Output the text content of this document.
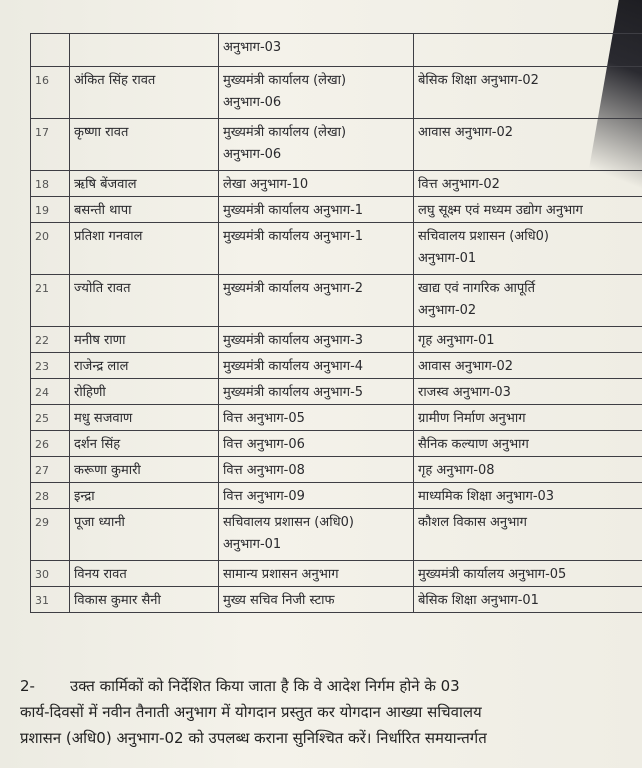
		अनुभाग-03	

16	अंकित सिंह रावत	मुख्यमंत्री कार्यालय (लेखा)
अनुभाग-06	बेसिक शिक्षा अनुभाग-02

17	कृष्णा रावत	मुख्यमंत्री कार्यालय (लेखा)
अनुभाग-06	आवास अनुभाग-02

18	ऋषि बेंजवाल	लेखा अनुभाग-10	वित्त अनुभाग-02

19	बसन्ती थापा	मुख्यमंत्री कार्यालय अनुभाग-1	लघु सूक्ष्म एवं मध्यम उद्योग अनुभाग

20	प्रतिशा गनवाल	मुख्यमंत्री कार्यालय अनुभाग-1	सचिवालय प्रशासन (अधि0)
अनुभाग-01

21	ज्योति रावत	मुख्यमंत्री कार्यालय अनुभाग-2	खाद्य एवं नागरिक आपूर्ति
अनुभाग-02

22	मनीष राणा	मुख्यमंत्री कार्यालय अनुभाग-3	गृह अनुभाग-01

23	राजेन्द्र लाल	मुख्यमंत्री कार्यालय अनुभाग-4	आवास अनुभाग-02

24	रोहिणी	मुख्यमंत्री कार्यालय अनुभाग-5	राजस्व अनुभाग-03

25	मधु सजवाण	वित्त अनुभाग-05	ग्रामीण निर्माण अनुभाग

26	दर्शन सिंह	वित्त अनुभाग-06	सैनिक कल्याण अनुभाग

27	करूणा कुमारी	वित्त अनुभाग-08	गृह अनुभाग-08

28	इन्द्रा	वित्त अनुभाग-09	माध्यमिक शिक्षा अनुभाग-03

29	पूजा ध्यानी	सचिवालय प्रशासन (अधि0)
अनुभाग-01	कौशल विकास अनुभाग

30	विनय रावत	सामान्य प्रशासन अनुभाग	मुख्यमंत्री कार्यालय अनुभाग-05

31	विकास कुमार सैनी	मुख्य सचिव निजी स्टाफ	बेसिक शिक्षा अनुभाग-01
2- उक्त कार्मिकों को निर्देशित किया जाता है कि वे आदेश निर्गम होने के 03
कार्य-दिवसों में नवीन तैनाती अनुभाग में योगदान प्रस्तुत कर योगदान आख्या सचिवालय
प्रशासन (अधि0) अनुभाग-02 को उपलब्ध कराना सुनिश्चित करें। निर्धारित समयान्तर्गत
